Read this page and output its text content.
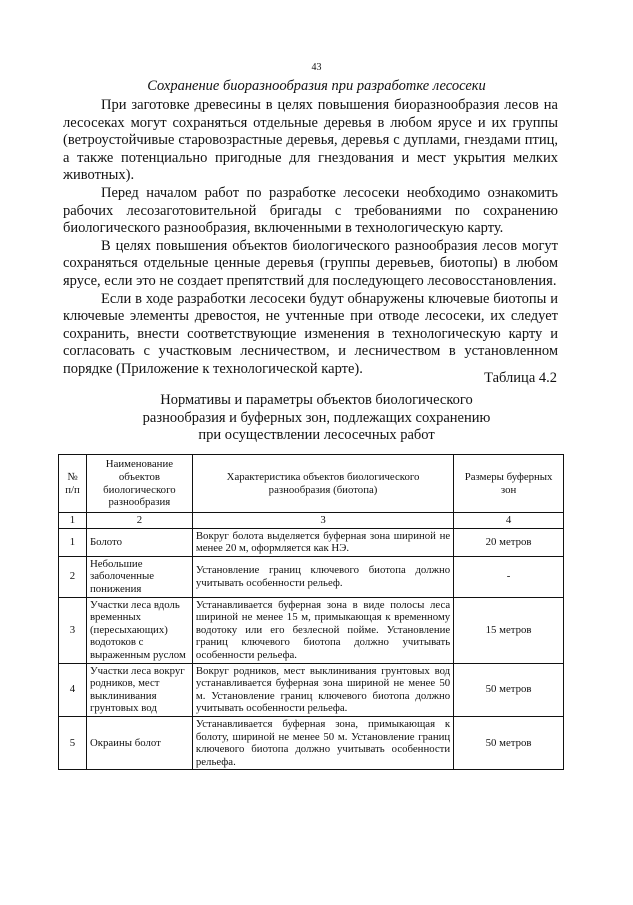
43
Сохранение биоразнообразия при разработке лесосеки

При заготовке древесины в целях повышения биоразнообразия лесов на лесосеках могут сохраняться отдельные деревья в любом ярусе и их группы (ветроустойчивые старовозрастные деревья, деревья с дуплами, гнездами птиц, а также потенциально пригодные для гнездования и мест укрытия мелких животных).

Перед началом работ по разработке лесосеки необходимо ознакомить рабочих лесозаготовительной бригады с требованиями по сохранению биологического разнообразия, включенными в технологическую карту.

В целях повышения объектов биологического разнообразия лесов могут сохраняться отдельные ценные деревья (группы деревьев, биотопы) в любом ярусе, если это не создает препятствий для последующего лесовосстановления.

Если в ходе разработки лесосеки будут обнаружены ключевые биотопы и ключевые элементы древостоя, не учтенные при отводе лесосеки, их следует сохранить, внести соответствующие изменения в технологическую карту и согласовать с участковым лесничеством, и лесничеством в установленном порядке (Приложение к технологической карте).

Таблица 4.2
Нормативы и параметры объектов биологического
разнообразия и буферных зон, подлежащих сохранению
при осуществлении лесосечных работ
№ п/п	Наименование объектов биологического разнообразия	Характеристика объектов биологического разнообразия (биотопа)	Размеры буферных зон
1	2	3	4
1	Болото	Вокруг болота выделяется буферная зона шириной не менее 20 м, оформляется как НЭ.	20 метров
2	Небольшие заболоченные понижения	Установление границ ключевого биотопа должно учитывать особенности рельеф.	-
3	Участки леса вдоль временных (пересыхающих) водотоков с выраженным руслом	Устанавливается буферная зона в виде полосы леса шириной не менее 15 м, примыкающая к временному водотоку или его безлесной пойме. Установление границ ключевого биотопа должно учитывать особенности рельефа.	15 метров
4	Участки леса вокруг родников, мест выклинивания грунтовых вод	Вокруг родников, мест выклинивания грунтовых вод устанавливается буферная зона шириной не менее 50 м. Установление границ ключевого биотопа должно учитывать особенности рельефа.	50 метров
5	Окраины болот	Устанавливается буферная зона, примыкающая к болоту, шириной не менее 50 м. Установление границ ключевого биотопа должно учитывать особенности рельефа.	50 метров
